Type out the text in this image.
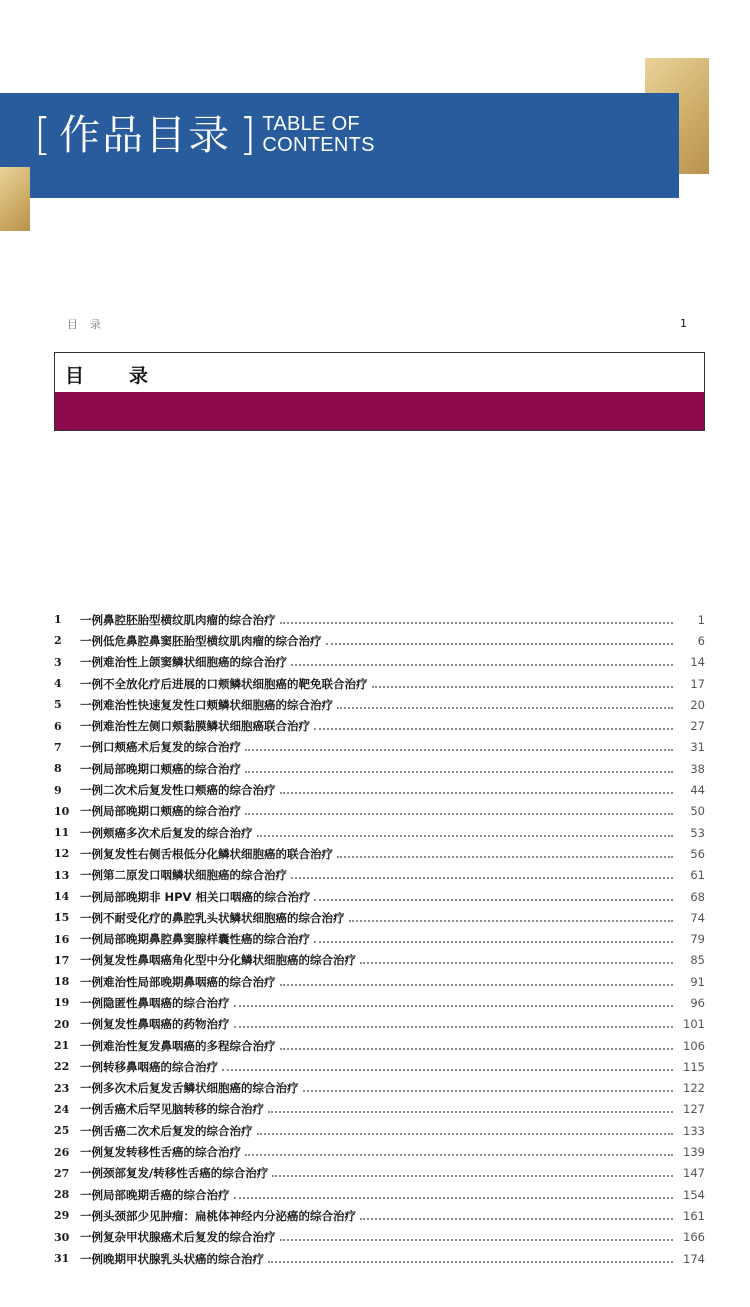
[ 作品目录 ] TABLE OF
CONTENTS
目录	1
目录
1	一例鼻腔胚胎型横纹肌肉瘤的综合治疗	1
2	一例低危鼻腔鼻窦胚胎型横纹肌肉瘤的综合治疗	6
3	一例难治性上颌窦鳞状细胞癌的综合治疗	14
4	一例不全放化疗后进展的口颊鳞状细胞癌的靶免联合治疗	17
5	一例难治性快速复发性口颊鳞状细胞癌的综合治疗	20
6	一例难治性左侧口颊黏膜鳞状细胞癌联合治疗	27
7	一例口颊癌术后复发的综合治疗	31
8	一例局部晚期口颊癌的综合治疗	38
9	一例二次术后复发性口颊癌的综合治疗	44
10 一例局部晚期口颊癌的综合治疗	50
11 一例颊癌多次术后复发的综合治疗	53
12 一例复发性右侧舌根低分化鳞状细胞癌的联合治疗	56
13 一例第二原发口咽鳞状细胞癌的综合治疗	61
14 一例局部晚期非 HPV 相关口咽癌的综合治疗	68
15 一例不耐受化疗的鼻腔乳头状鳞状细胞癌的综合治疗	74
16 一例局部晚期鼻腔鼻窦腺样囊性癌的综合治疗	79
17 一例复发性鼻咽癌角化型中分化鳞状细胞癌的综合治疗	85
18 一例难治性局部晚期鼻咽癌的综合治疗	91
19 一例隐匿性鼻咽癌的综合治疗	96
20 一例复发性鼻咽癌的药物治疗	101
21 一例难治性复发鼻咽癌的多程综合治疗	106
22 一例转移鼻咽癌的综合治疗	115
23 一例多次术后复发舌鳞状细胞癌的综合治疗	122
24 一例舌癌术后罕见脑转移的综合治疗	127
25 一例舌癌二次术后复发的综合治疗	133
26 一例复发转移性舌癌的综合治疗	139
27 一例颈部复发/转移性舌癌的综合治疗	147
28 一例局部晚期舌癌的综合治疗	154
29 一例头颈部少见肿瘤：扁桃体神经内分泌癌的综合治疗	161
30 一例复杂甲状腺癌术后复发的综合治疗	166
31 一例晚期甲状腺乳头状癌的综合治疗	174
